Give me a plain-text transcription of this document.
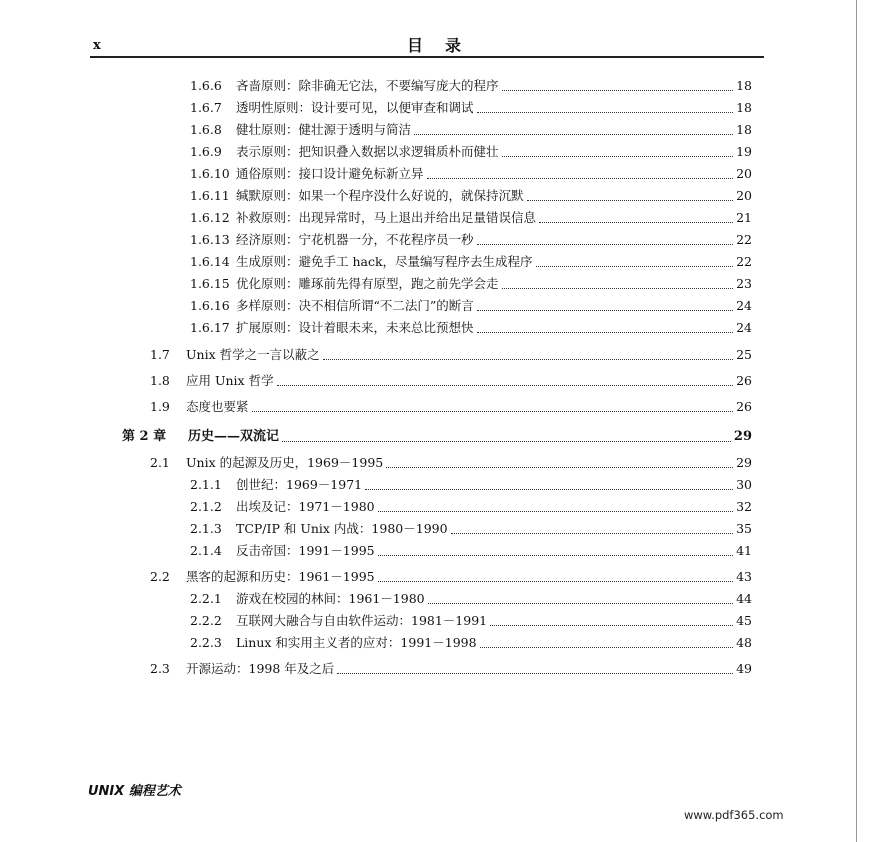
x	目录
1.6.6	吝啬原则：除非确无它法，不要编写庞大的程序	18
1.6.7	透明性原则：设计要可见，以便审查和调试	18
1.6.8	健壮原则：健壮源于透明与简洁	18
1.6.9	表示原则：把知识叠入数据以求逻辑质朴而健壮	19
1.6.10 通俗原则：接口设计避免标新立异	20
1.6.11 缄默原则：如果一个程序没什么好说的，就保持沉默	20
1.6.12 补救原则：出现异常时，马上退出并给出足量错误信息	21
1.6.13 经济原则：宁花机器一分，不花程序员一秒	22
1.6.14 生成原则：避免手工 hack，尽量编写程序去生成程序	22
1.6.15 优化原则：雕琢前先得有原型，跑之前先学会走	23
1.6.16 多样原则：决不相信所谓“不二法门”的断言	24
1.6.17 扩展原则：设计着眼未来，未来总比预想快	24
1.7	Unix 哲学之一言以蔽之	25
1.8	应用 Unix 哲学	26
1.9	态度也要紧	26
第 2 章	历史——双流记	29
2.1	Unix 的起源及历史，1969－1995	29
2.1.1	创世纪：1969－1971	30
2.1.2	出埃及记：1971－1980	32
2.1.3	TCP/IP 和 Unix 内战：1980－1990	35
2.1.4	反击帝国：1991－1995	41
2.2	黑客的起源和历史：1961－1995	43
2.2.1	游戏在校园的林间：1961－1980	44
2.2.2	互联网大融合与自由软件运动：1981－1991	45
2.2.3	Linux 和实用主义者的应对：1991－1998	48
2.3	开源运动：1998 年及之后	49
UNIX 编程艺术
www.pdf365.com
